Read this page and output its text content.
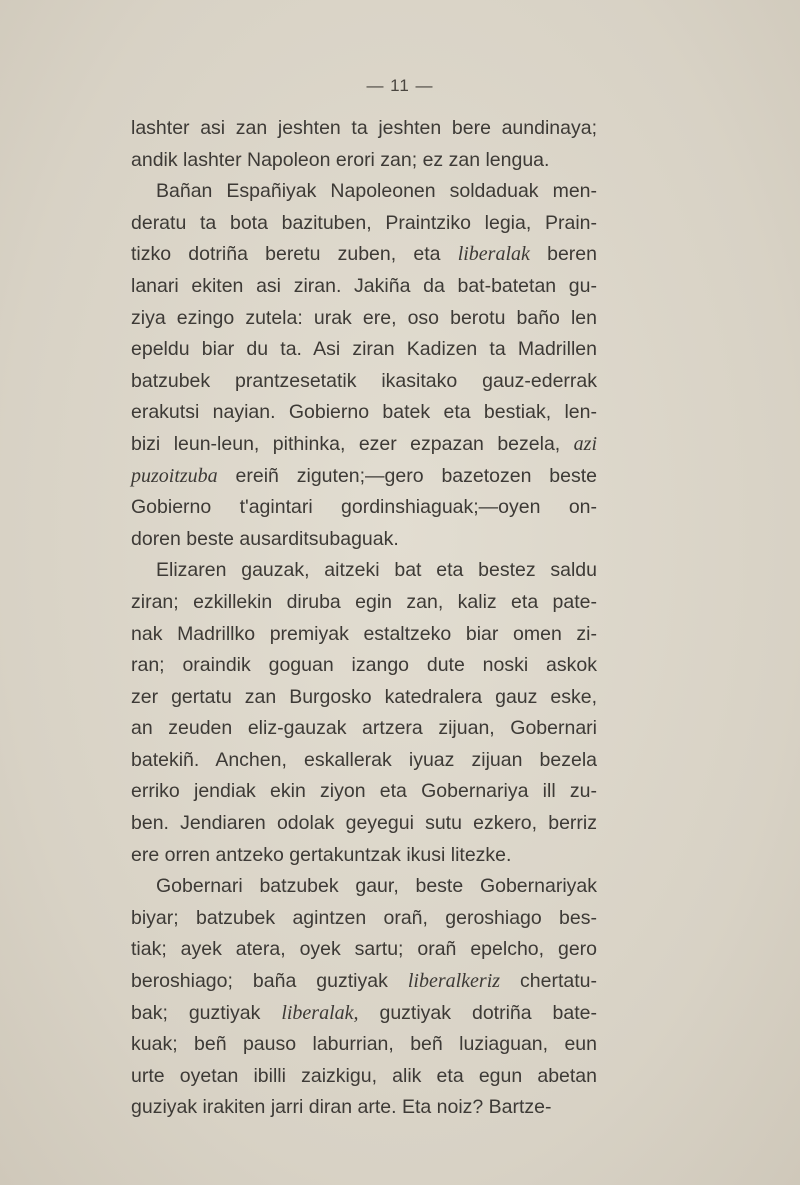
— 11 —
lashter asi zan jeshten ta jeshten bere aundinaya;
andik lashter Napoleon erori zan; ez zan lengua.
Bañan Españiyak Napoleonen soldaduak men-
deratu ta bota bazituben, Praintziko legia, Prain-
tizko dotriña beretu zuben, eta liberalak beren
lanari ekiten asi ziran. Jakiña da bat-batetan gu-
ziya ezingo zutela: urak ere, oso berotu baño len
epeldu biar du ta. Asi ziran Kadizen ta Madrillen
batzubek prantzesetatik ikasitako gauz-ederrak
erakutsi nayian. Gobierno batek eta bestiak, len-
bizi leun-leun, pithinka, ezer ezpazan bezela, azi
puzoitzuba ereiñ ziguten;—gero bazetozen beste
Gobierno t'agintari gordinshiaguak;—oyen on-
doren beste ausarditsubaguak.
Elizaren gauzak, aitzeki bat eta bestez saldu
ziran; ezkillekin diruba egin zan, kaliz eta pate-
nak Madrillko premiyak estaltzeko biar omen zi-
ran; oraindik goguan izango dute noski askok
zer gertatu zan Burgosko katedralera gauz eske,
an zeuden eliz-gauzak artzera zijuan, Gobernari
batekiñ. Anchen, eskallerak iyuaz zijuan bezela
erriko jendiak ekin ziyon eta Gobernariya ill zu-
ben. Jendiaren odolak geyegui sutu ezkero, berriz
ere orren antzeko gertakuntzak ikusi litezke.
Gobernari batzubek gaur, beste Gobernariyak
biyar; batzubek agintzen orañ, geroshiago bes-
tiak; ayek atera, oyek sartu; orañ epelcho, gero
beroshiago; baña guztiyak liberalkeriz chertatu-
bak; guztiyak liberalak, guztiyak dotriña bate-
kuak; beñ pauso laburrian, beñ luziaguan, eun
urte oyetan ibilli zaizkigu, alik eta egun abetan
guziyak irakiten jarri diran arte. Eta noiz? Bartze-
